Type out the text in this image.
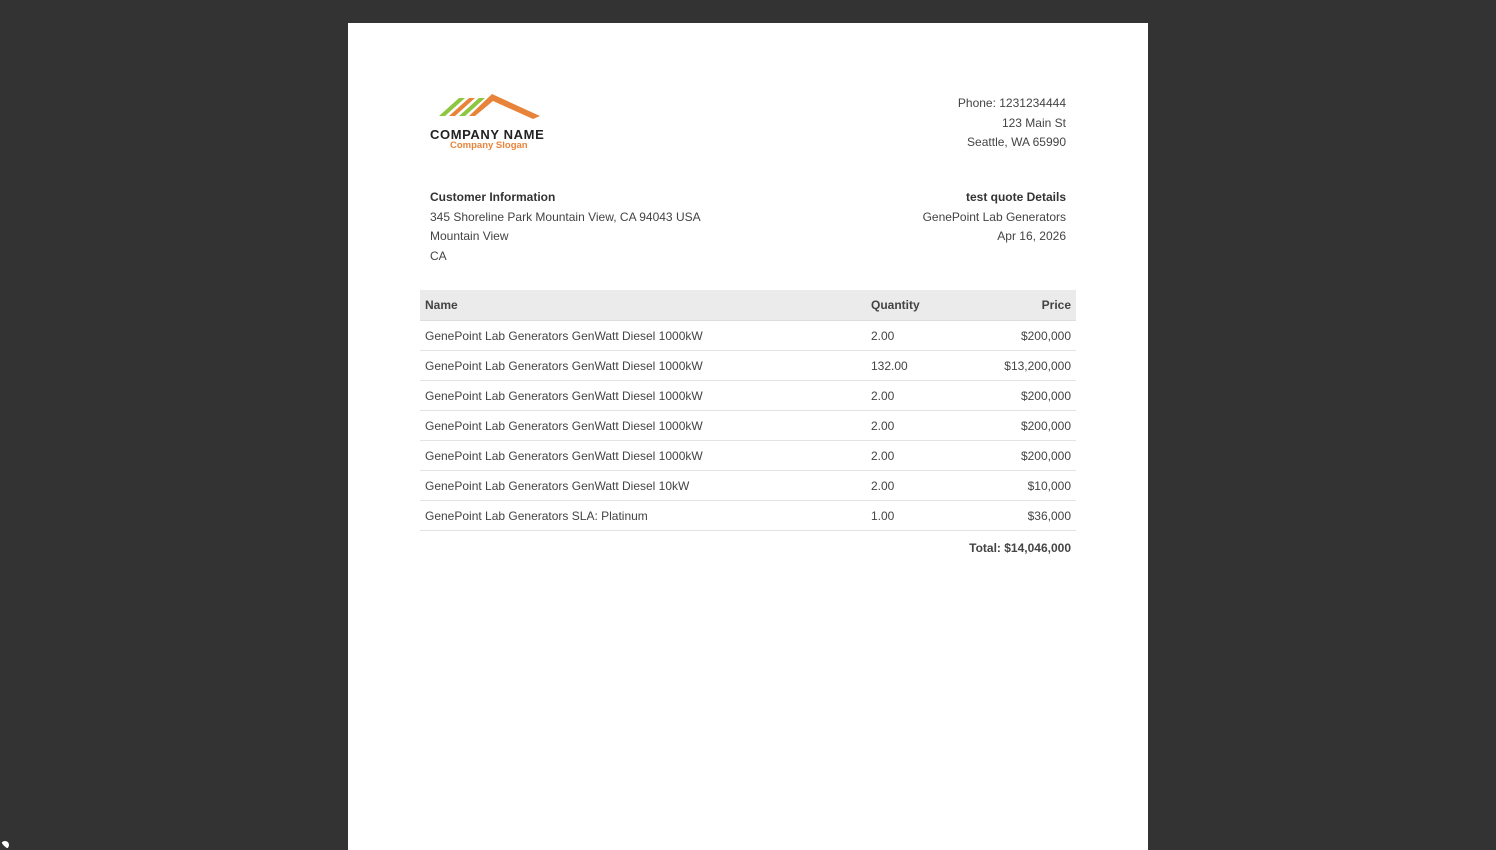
COMPANY NAME
Company Slogan
Phone: 1231234444
123 Main St
Seattle, WA 65990
Customer Information
345 Shoreline Park Mountain View, CA 94043 USA
Mountain View
CA
test quote Details
GenePoint Lab Generators
Apr 16, 2026
Name	Quantity	Price
GenePoint Lab Generators GenWatt Diesel 1000kW	2.00	$200,000
GenePoint Lab Generators GenWatt Diesel 1000kW	132.00	$13,200,000
GenePoint Lab Generators GenWatt Diesel 1000kW	2.00	$200,000
GenePoint Lab Generators GenWatt Diesel 1000kW	2.00	$200,000
GenePoint Lab Generators GenWatt Diesel 1000kW	2.00	$200,000
GenePoint Lab Generators GenWatt Diesel 10kW	2.00	$10,000
GenePoint Lab Generators SLA: Platinum	1.00	$36,000
Total: $14,046,000
